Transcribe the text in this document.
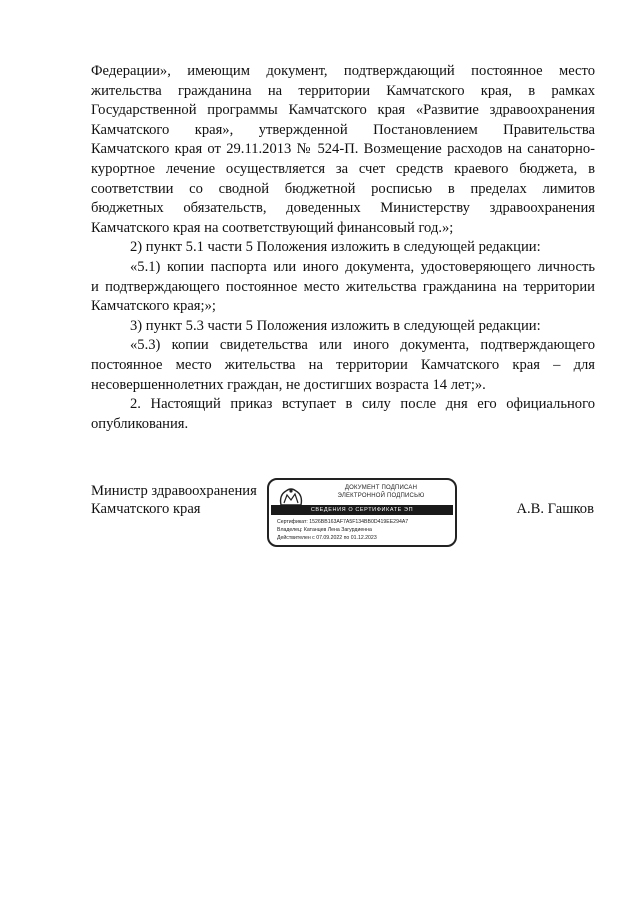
Федерации», имеющим документ, подтверждающий постоянное место
жительства гражданина на территории Камчатского края, в рамках
Государственной программы Камчатского края «Развитие здравоохранения
Камчатского края», утвержденной Постановлением Правительства
Камчатского края от 29.11.2013 № 524-П. Возмещение расходов на санаторно-
курортное лечение осуществляется за счет средств краевого бюджета, в
соответствии со сводной бюджетной росписью в пределах лимитов
бюджетных обязательств, доведенных Министерству здравоохранения
Камчатского края на соответствующий финансовый год.»;
2) пункт 5.1 части 5 Положения изложить в следующей редакции:
«5.1) копии паспорта или иного документа, удостоверяющего личность
и подтверждающего постоянное место жительства гражданина на территории
Камчатского края;»;
3) пункт 5.3 части 5 Положения изложить в следующей редакции:
«5.3) копии свидетельства или иного документа, подтверждающего
постоянное место жительства на территории Камчатского края – для
несовершеннолетних граждан, не достигших возраста 14 лет;».
2. Настоящий приказ вступает в силу после дня его официального
опубликования.
Министр здравоохранения
Камчатского края
ДОКУМЕНТ ПОДПИСАН
ЭЛЕКТРОННОЙ ПОДПИСЬЮ
СВЕДЕНИЯ О СЕРТИФИКАТЕ ЭП
Сертификат: 1526BB163AF7A5F134BB0D419EE294A7
Владелец: Катанцев Лена Загурдиенна
Действителен с 07.09.2022 по 01.12.2023
А.В. Гашков
